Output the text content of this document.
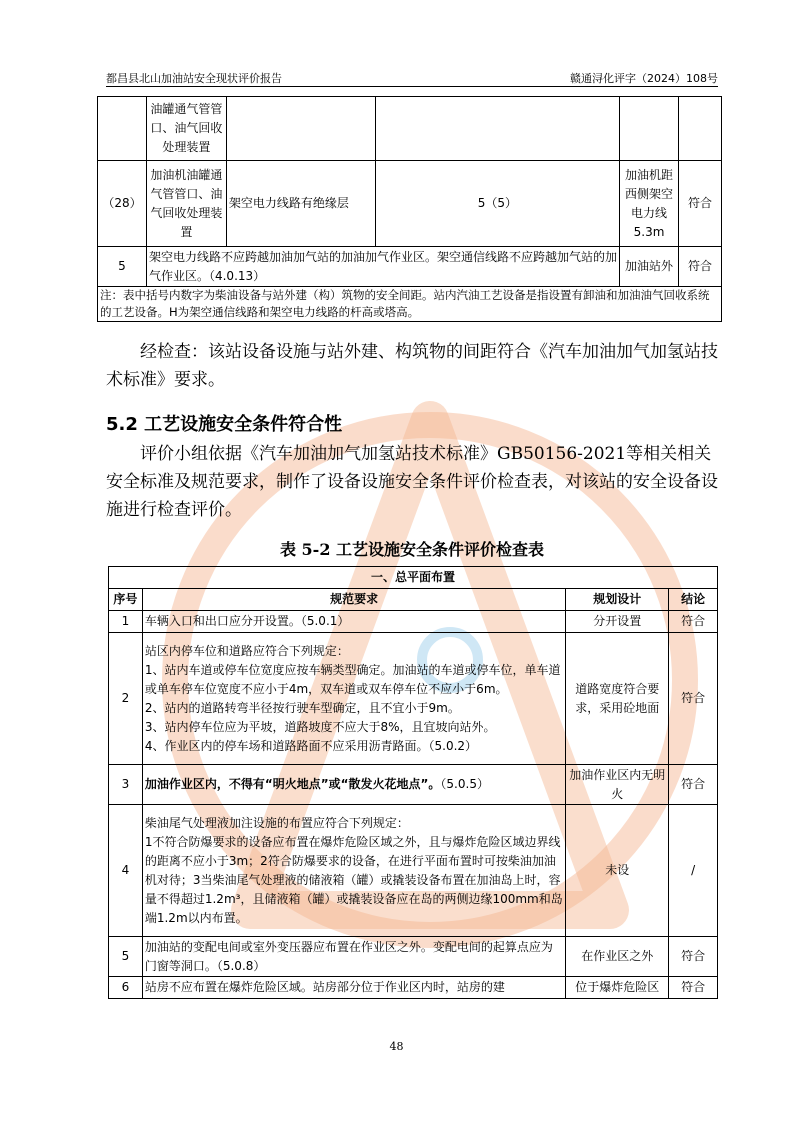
都昌县北山加油站安全现状评价报告	赣通浔化评字（2024）108号
	油罐通气管管口、油气回收处理装置				
（28）	加油机油罐通气管管口、油气回收处理装置	架空电力线路有绝缘层	5（5）	加油机距西侧架空电力线5.3m	符合
5	架空电力线路不应跨越加油加气站的加油加气作业区。架空通信线路不应跨越加气站的加气作业区。（4.0.13）			加油站外	符合
注：表中括号内数字为柴油设备与站外建（构）筑物的安全间距。站内汽油工艺设备是指设置有卸油和加油油气回收系统的工艺设备。H为架空通信线路和架空电力线路的杆高或塔高。					
经检查：该站设备设施与站外建、构筑物的间距符合《汽车加油加气加氢站技术标准》要求。
5.2 工艺设施安全条件符合性
评价小组依据《汽车加油加气加氢站技术标准》GB50156-2021等相关相关安全标准及规范要求，制作了设备设施安全条件评价检查表，对该站的安全设备设施进行检查评价。
表 5-2 工艺设施安全条件评价检查表
一、总平面布置			
序号	规范要求	规划设计	结论
1	车辆入口和出口应分开设置。（5.0.1）	分开设置	符合
2	站区内停车位和道路应符合下列规定：
1、站内车道或停车位宽度应按车辆类型确定。加油站的车道或停车位，单车道或单车停车位宽度不应小于4m，双车道或双车停车位不应小于6m。
2、站内的道路转弯半径按行驶车型确定，且不宜小于9m。
3、站内停车位应为平坡，道路坡度不应大于8%，且宜坡向站外。
4、作业区内的停车场和道路路面不应采用沥青路面。（5.0.2）	道路宽度符合要求，采用砼地面	符合
3	加油作业区内，不得有“明火地点”或“散发火花地点”。（5.0.5）	加油作业区内无明火	符合
4	柴油尾气处理液加注设施的布置应符合下列规定：
1不符合防爆要求的设备应布置在爆炸危险区域之外，且与爆炸危险区域边界线的距离不应小于3m；2符合防爆要求的设备，在进行平面布置时可按柴油加油机对待；3当柴油尾气处理液的储液箱（罐）或撬装设备布置在加油岛上时，容量不得超过1.2m³，且储液箱（罐）或撬装设备应在岛的两侧边缘100mm和岛端1.2m以内布置。	未设	/
5	加油站的变配电间或室外变压器应布置在作业区之外。变配电间的起算点应为门窗等洞口。（5.0.8）	在作业区之外	符合
6	站房不应布置在爆炸危险区域。站房部分位于作业区内时，站房的建	位于爆炸危险区	符合
48
